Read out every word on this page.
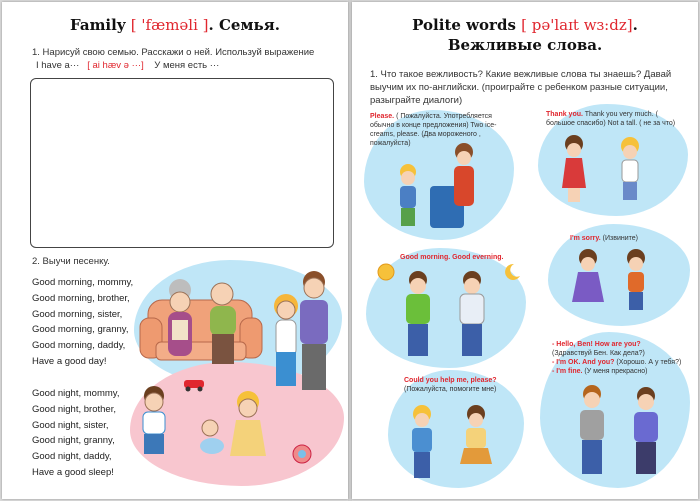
Family [ 'fæməli ]. Семья.
1. Нарисуй свою семью. Расскажи о ней. Используй выражение
I have a··· [ ai hæv ə ···] У меня есть ···
2. Выучи песенку.
Good morning, mommy,
Good morning, brother,
Good morning, sister,
Good morning, granny,
Good morning, daddy,
Have a good day!
Good night, mommy,
Good night, brother,
Good night, sister,
Good night, granny,
Good night, daddy,
Have a good sleep!
Polite words [ pə'laɪt wɜ:dz].
Вежливые слова.
1. Что такое вежливость? Какие вежливые слова ты знаешь? Давай выучим их по-английски. (проиграйте с ребенком разные ситуации, разыграйте диалоги)
Please. ( Пожалуйста. Употребляется обычно в конце предложения) Two ice-creams, please. (Два мороженого , пожалуйста)
Thank you. Thank you very much. ( большое спасибо) Not a tall. ( не за что)
Good morning. Good everning.
I'm sorry. (Извините)
Could you help me, please?
(Пожалуйста, помогите мне)
- Hello, Ben! How are you?
(Здравствуй Бен. Как дела?)
- I'm OK. And you? (Хорошо. А у тебя?)
- I'm fine. (У меня прекрасно)
